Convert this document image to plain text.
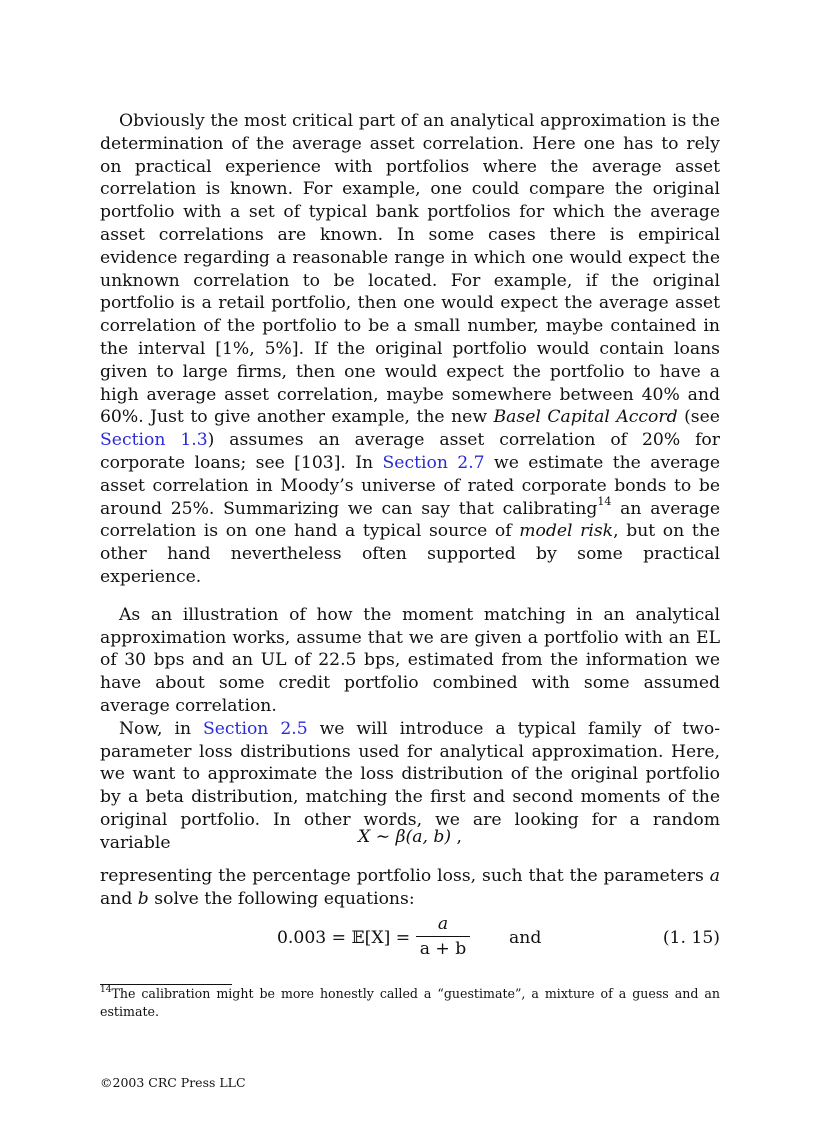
Obviously the most critical part of an analytical approximation is the determination of the average asset correlation. Here one has to rely on practical experience with portfolios where the average asset correlation is known. For example, one could compare the original portfolio with a set of typical bank portfolios for which the average asset correlations are known. In some cases there is empirical evidence regarding a reasonable range in which one would expect the unknown correlation to be located. For example, if the original portfolio is a retail portfolio, then one would expect the average asset correlation of the portfolio to be a small number, maybe contained in the interval [1%, 5%]. If the original portfolio would contain loans given to large firms, then one would expect the portfolio to have a high average asset correlation, maybe somewhere between 40% and 60%. Just to give another example, the new Basel Capital Accord (see Section 1.3) assumes an average asset correlation of 20% for corporate loans; see [103]. In Section 2.7 we estimate the average asset correlation in Moody’s universe of rated corporate bonds to be around 25%. Summarizing we can say that calibrating$^{14}$ an average correlation is on one hand a typical source of model risk, but on the other hand nevertheless often supported by some practical experience.

As an illustration of how the moment matching in an analytical approximation works, assume that we are given a portfolio with an EL of 30 bps and an UL of 22.5 bps, estimated from the information we have about some credit portfolio combined with some assumed average correlation.

Now, in Section 2.5 we will introduce a typical family of two-parameter loss distributions used for analytical approximation. Here, we want to approximate the loss distribution of the original portfolio by a beta distribution, matching the first and second moments of the original portfolio. In other words, we are looking for a random variable	X ∼ β(a, b) ,

representing the percentage portfolio loss, such that the parameters a and b solve the following equations:

0.003 = 𝔼[X] =
a
a + b
and	(1. 15)

$^{14}$The calibration might be more honestly called a “guestimate”, a mixture of a guess and an estimate.

©2003 CRC Press LLC
